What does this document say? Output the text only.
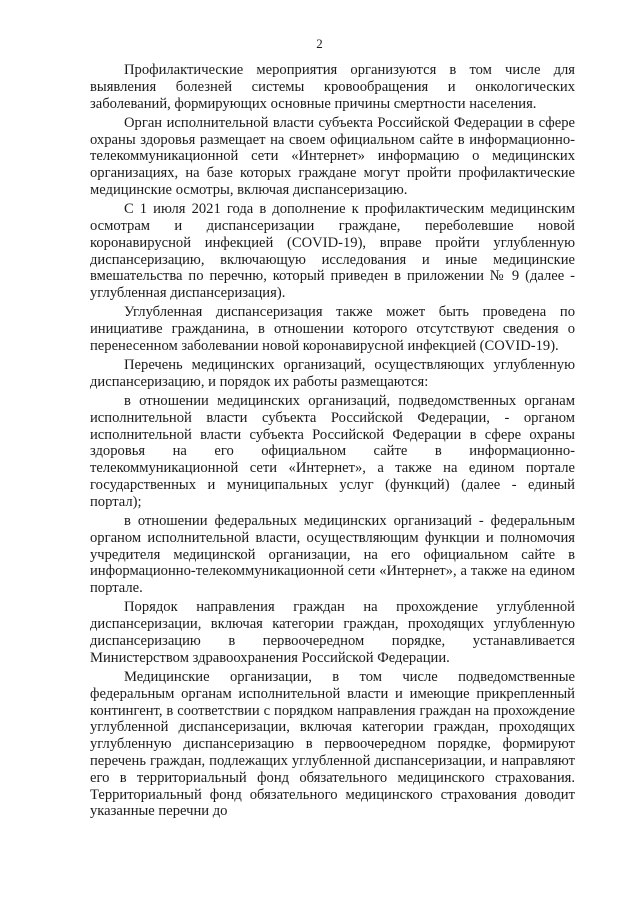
2

Профилактические мероприятия организуются в том числе для выявления болезней системы кровообращения и онкологических заболеваний, формирующих основные причины смертности населения.

Орган исполнительной власти субъекта Российской Федерации в сфере охраны здоровья размещает на своем официальном сайте в информационно-телекоммуникационной сети «Интернет» информацию о медицинских организациях, на базе которых граждане могут пройти профилактические медицинские осмотры, включая диспансеризацию.

С 1 июля 2021 года в дополнение к профилактическим медицинским осмотрам и диспансеризации граждане, переболевшие новой коронавирусной инфекцией (COVID-19), вправе пройти углубленную диспансеризацию, включающую исследования и иные медицинские вмешательства по перечню, который приведен в приложении № 9 (далее - углубленная диспансеризация).

Углубленная диспансеризация также может быть проведена по инициативе гражданина, в отношении которого отсутствуют сведения о перенесенном заболевании новой коронавирусной инфекцией (COVID-19).

Перечень медицинских организаций, осуществляющих углубленную диспансеризацию, и порядок их работы размещаются:

в отношении медицинских организаций, подведомственных органам исполнительной власти субъекта Российской Федерации, - органом исполнительной власти субъекта Российской Федерации в сфере охраны здоровья на его официальном сайте в информационно-телекоммуникационной сети «Интернет», а также на едином портале государственных и муниципальных услуг (функций) (далее - единый портал);

в отношении федеральных медицинских организаций - федеральным органом исполнительной власти, осуществляющим функции и полномочия учредителя медицинской организации, на его официальном сайте в информационно-телекоммуникационной сети «Интернет», а также на едином портале.

Порядок направления граждан на прохождение углубленной диспансеризации, включая категории граждан, проходящих углубленную диспансеризацию в первоочередном порядке, устанавливается Министерством здравоохранения Российской Федерации.

Медицинские организации, в том числе подведомственные федеральным органам исполнительной власти и имеющие прикрепленный контингент, в соответствии с порядком направления граждан на прохождение углубленной диспансеризации, включая категории граждан, проходящих углубленную диспансеризацию в первоочередном порядке, формируют перечень граждан, подлежащих углубленной диспансеризации, и направляют его в территориальный фонд обязательного медицинского страхования. Территориальный фонд обязательного медицинского страхования доводит указанные перечни до
